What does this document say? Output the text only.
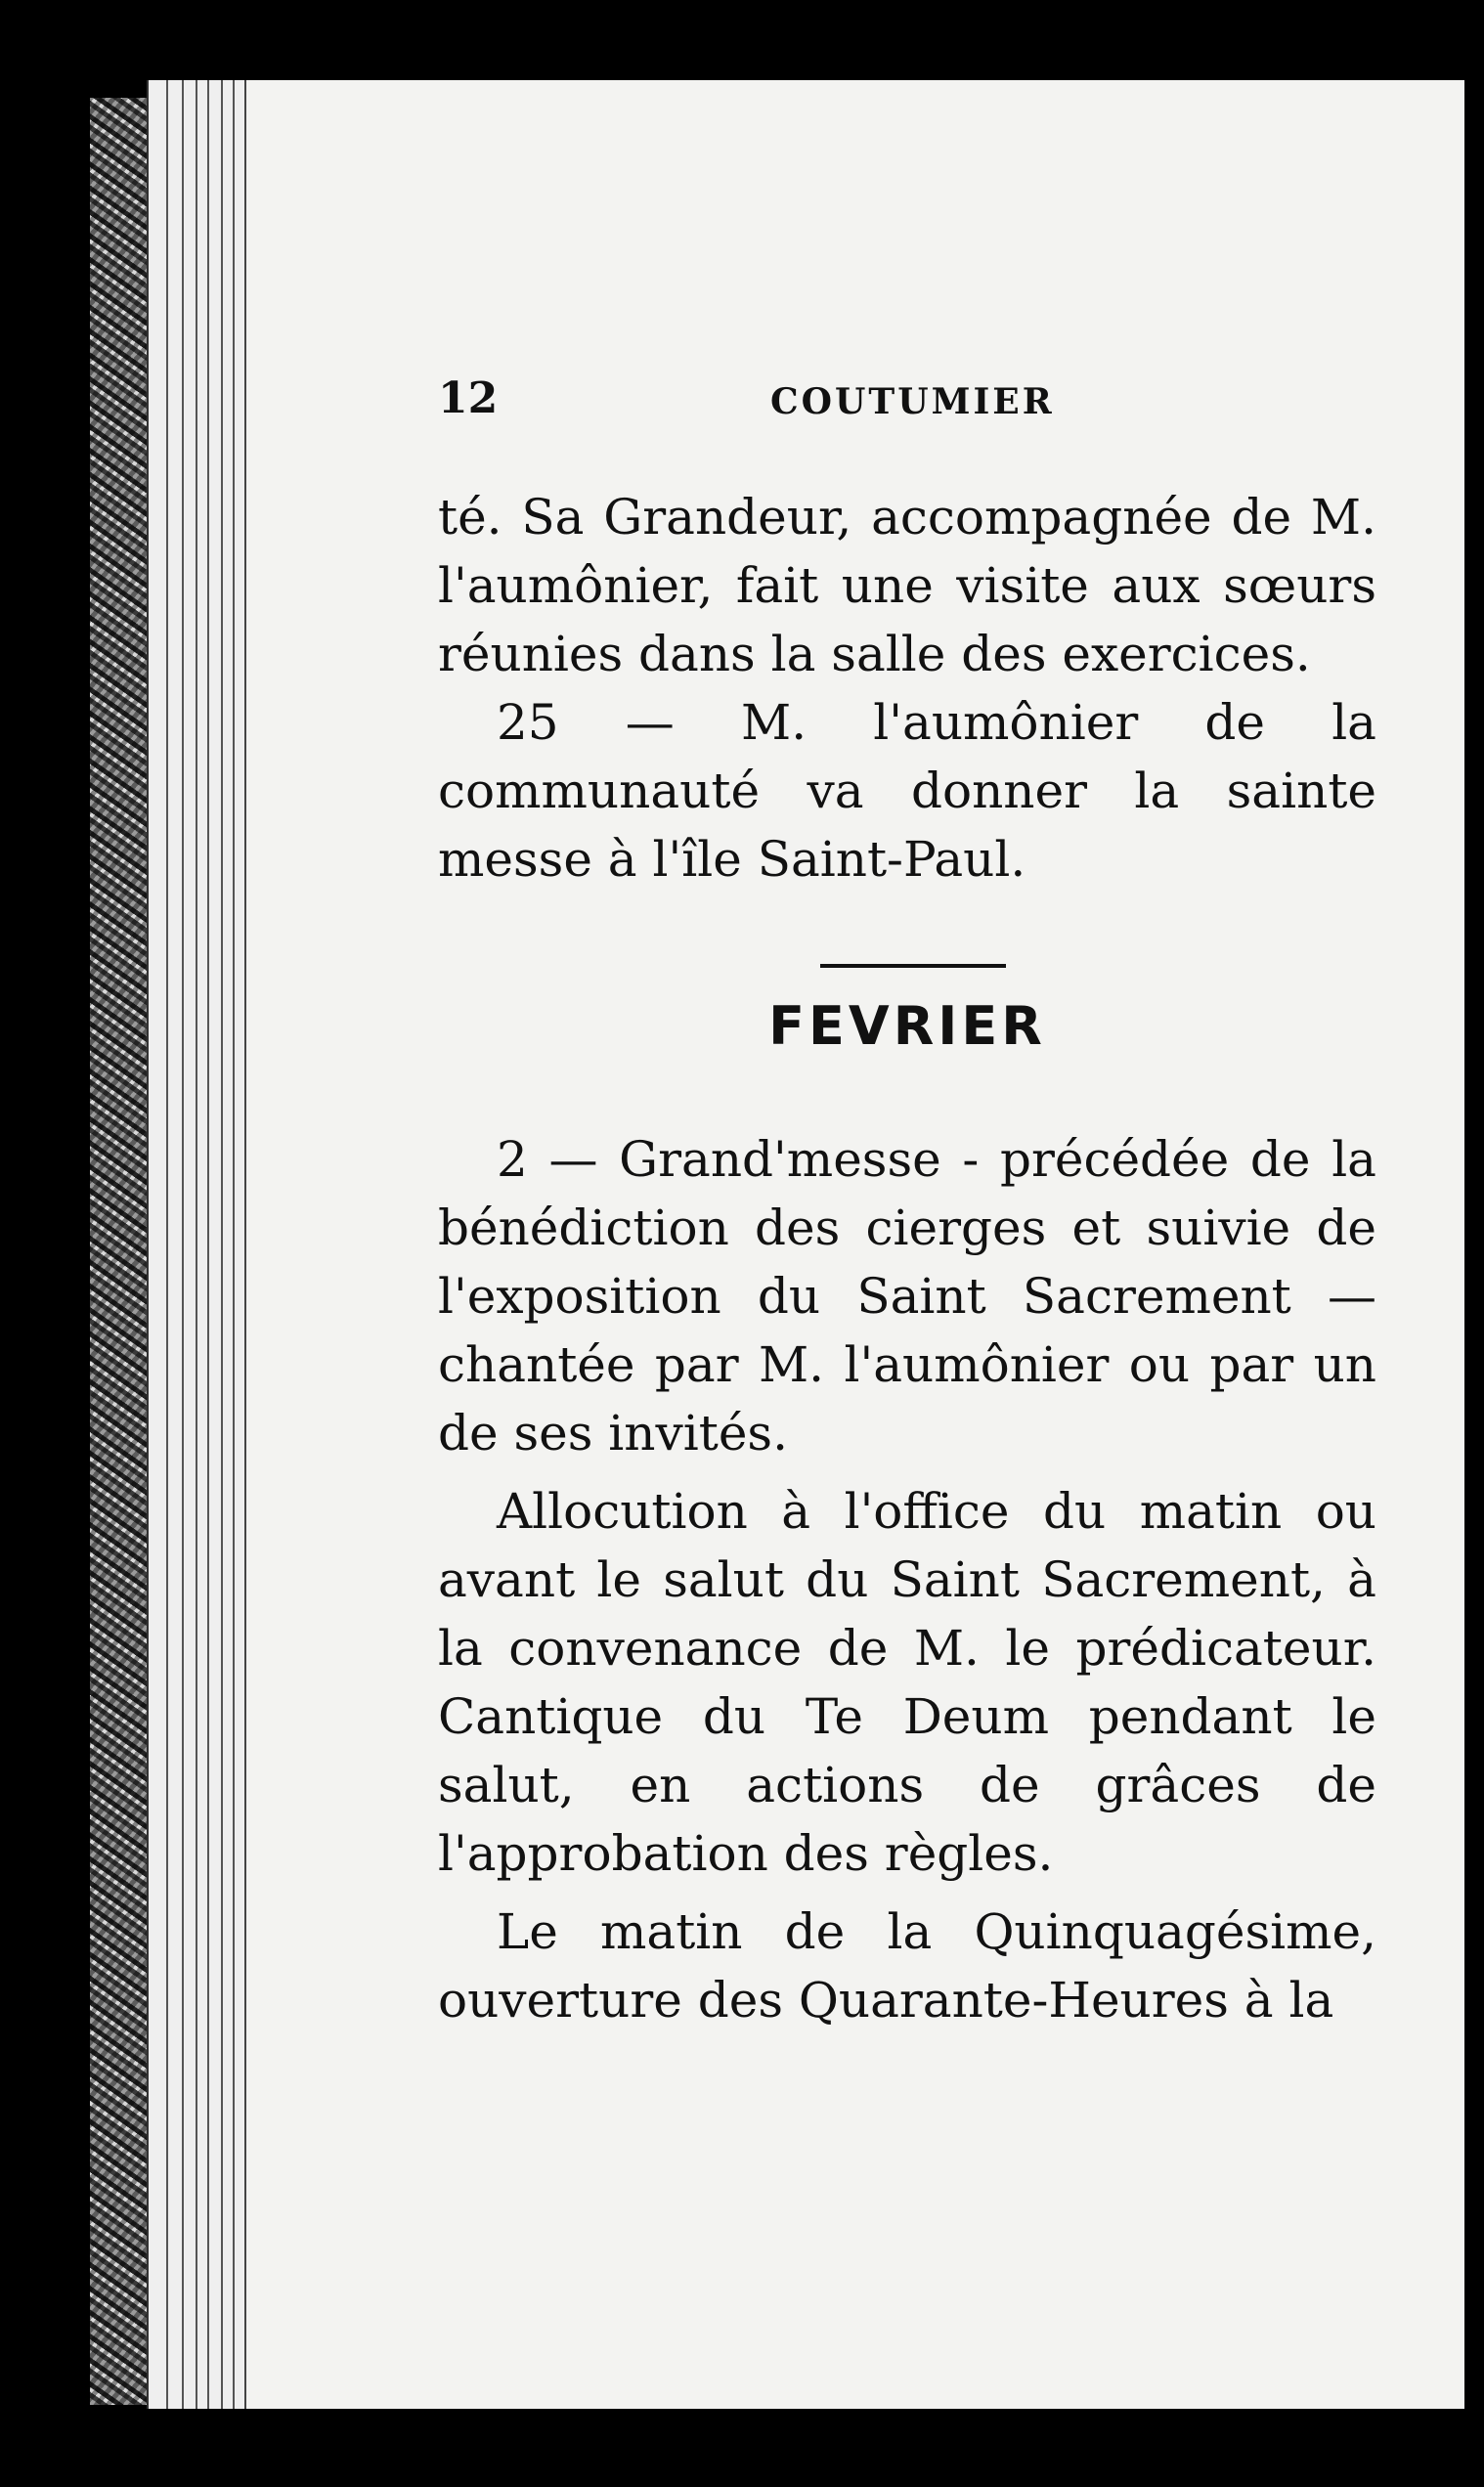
12	COUTUMIER

té. Sa Grandeur, accompagnée de M. l'aumônier, fait une visite aux sœurs réunies dans la salle des exercices.

25 — M. l'aumônier de la communauté va donner la sainte messe à l'île Saint-Paul.

FEVRIER

2 — Grand'messe - précédée de la bénédiction des cierges et suivie de l'exposition du Saint Sacrement — chantée par M. l'aumônier ou par un de ses invités.

Allocution à l'office du matin ou avant le salut du Saint Sacrement, à la convenance de M. le prédicateur. Cantique du Te Deum pendant le salut, en actions de grâces de l'approbation des règles.

Le matin de la Quinquagésime, ouverture des Quarante-Heures à la
